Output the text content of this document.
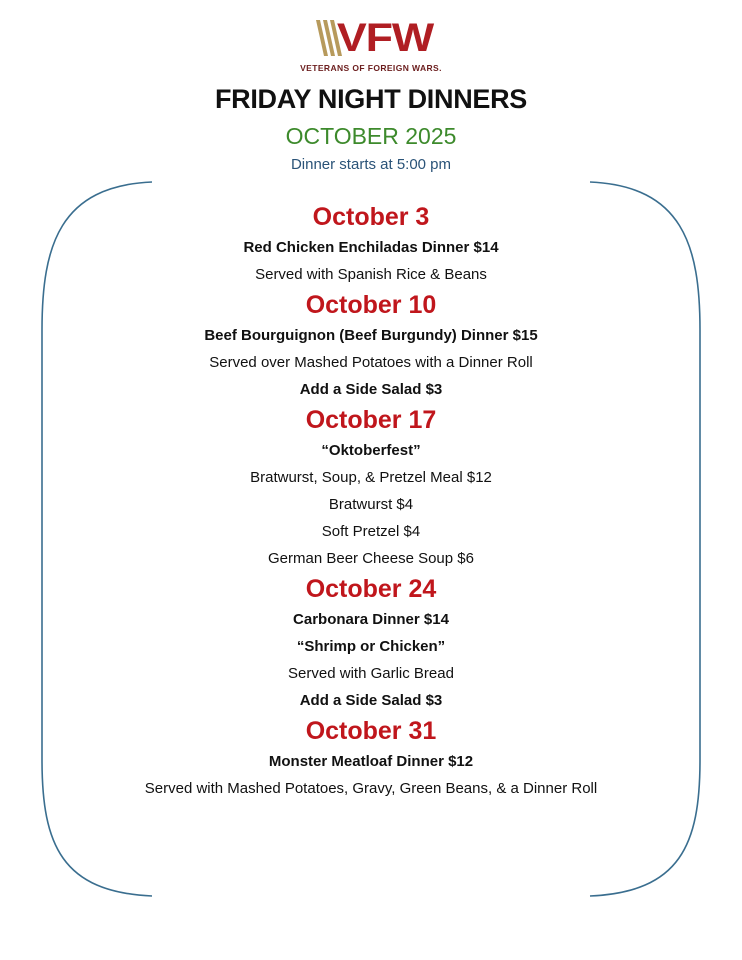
VFW
VETERANS OF FOREIGN WARS.
FRIDAY NIGHT DINNERS
OCTOBER 2025
Dinner starts at 5:00 pm
October 3
Red Chicken Enchiladas Dinner $14
Served with Spanish Rice & Beans
October 10
Beef Bourguignon (Beef Burgundy) Dinner $15
Served over Mashed Potatoes with a Dinner Roll
Add a Side Salad $3
October 17
“Oktoberfest”
Bratwurst, Soup, & Pretzel Meal $12
Bratwurst $4
Soft Pretzel $4
German Beer Cheese Soup $6
October 24
Carbonara Dinner $14
“Shrimp or Chicken”
Served with Garlic Bread
Add a Side Salad $3
October 31
Monster Meatloaf Dinner $12
Served with Mashed Potatoes, Gravy, Green Beans, & a Dinner Roll
